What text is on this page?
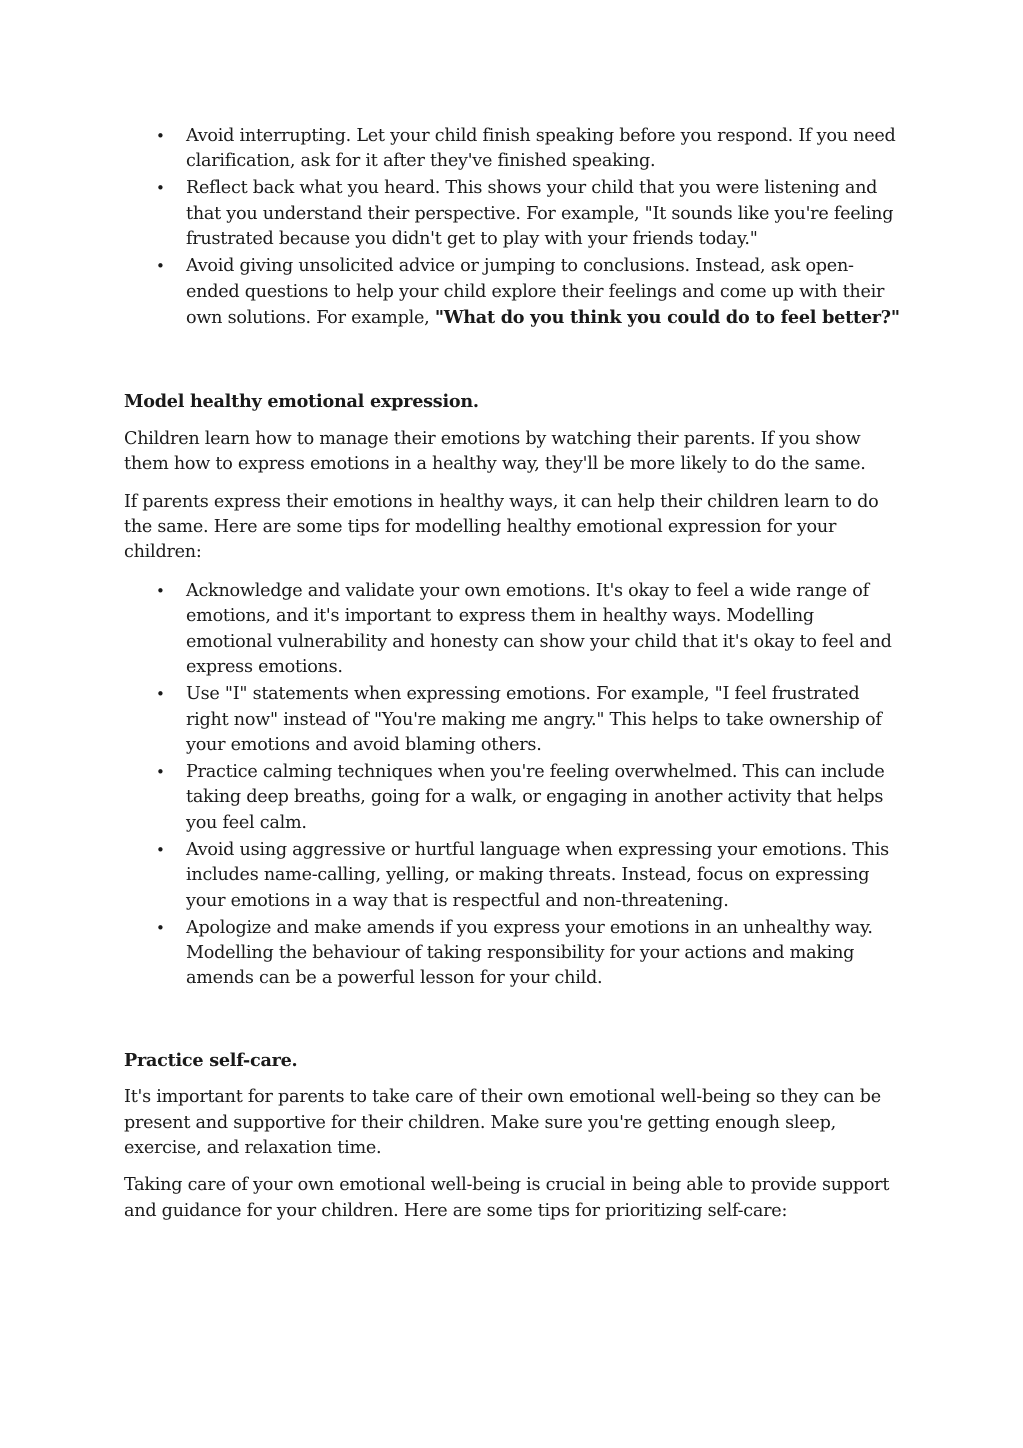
• Avoid interrupting. Let your child finish speaking before you respond. If you need clarification, ask for it after they've finished speaking.
• Reflect back what you heard. This shows your child that you were listening and that you understand their perspective. For example, "It sounds like you're feeling frustrated because you didn't get to play with your friends today."
• Avoid giving unsolicited advice or jumping to conclusions. Instead, ask open-ended questions to help your child explore their feelings and come up with their own solutions. For example, "What do you think you could do to feel better?"
Model healthy emotional expression.

Children learn how to manage their emotions by watching their parents. If you show them how to express emotions in a healthy way, they'll be more likely to do the same.

If parents express their emotions in healthy ways, it can help their children learn to do the same. Here are some tips for modelling healthy emotional expression for your children:

• Acknowledge and validate your own emotions. It's okay to feel a wide range of emotions, and it's important to express them in healthy ways. Modelling emotional vulnerability and honesty can show your child that it's okay to feel and express emotions.
• Use "I" statements when expressing emotions. For example, "I feel frustrated right now" instead of "You're making me angry." This helps to take ownership of your emotions and avoid blaming others.
• Practice calming techniques when you're feeling overwhelmed. This can include taking deep breaths, going for a walk, or engaging in another activity that helps you feel calm.
• Avoid using aggressive or hurtful language when expressing your emotions. This includes name-calling, yelling, or making threats. Instead, focus on expressing your emotions in a way that is respectful and non-threatening.
• Apologize and make amends if you express your emotions in an unhealthy way. Modelling the behaviour of taking responsibility for your actions and making amends can be a powerful lesson for your child.
Practice self-care.

It's important for parents to take care of their own emotional well-being so they can be present and supportive for their children. Make sure you're getting enough sleep, exercise, and relaxation time.

Taking care of your own emotional well-being is crucial in being able to provide support and guidance for your children. Here are some tips for prioritizing self-care:
